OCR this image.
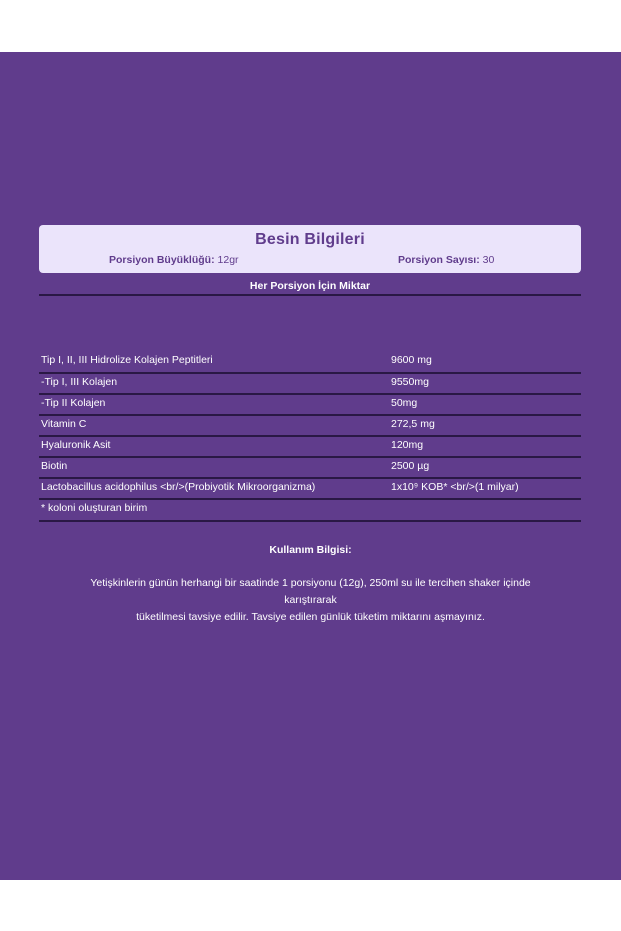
Besin Bilgileri
Porsiyon Büyüklüğü: 12gr	Porsiyon Sayısı: 30
Her Porsiyon İçin Miktar
Tip I, II, III Hidrolize Kolajen Peptitleri	9600 mg
-Tip I, III Kolajen	9550mg
-Tip II Kolajen	50mg
Vitamin C	272,5 mg
Hyaluronik Asit	120mg
Biotin	2500 µg
Lactobacillus acidophilus <br/>(Probiyotik Mikroorganizma)	1x10⁹ KOB* <br/>(1 milyar)
* koloni oluşturan birim
Kullanım Bilgisi:
Yetişkinlerin günün herhangi bir saatinde 1 porsiyonu (12g), 250ml su ile tercihen shaker içinde karıştırarak
tüketilmesi tavsiye edilir. Tavsiye edilen günlük tüketim miktarını aşmayınız.
